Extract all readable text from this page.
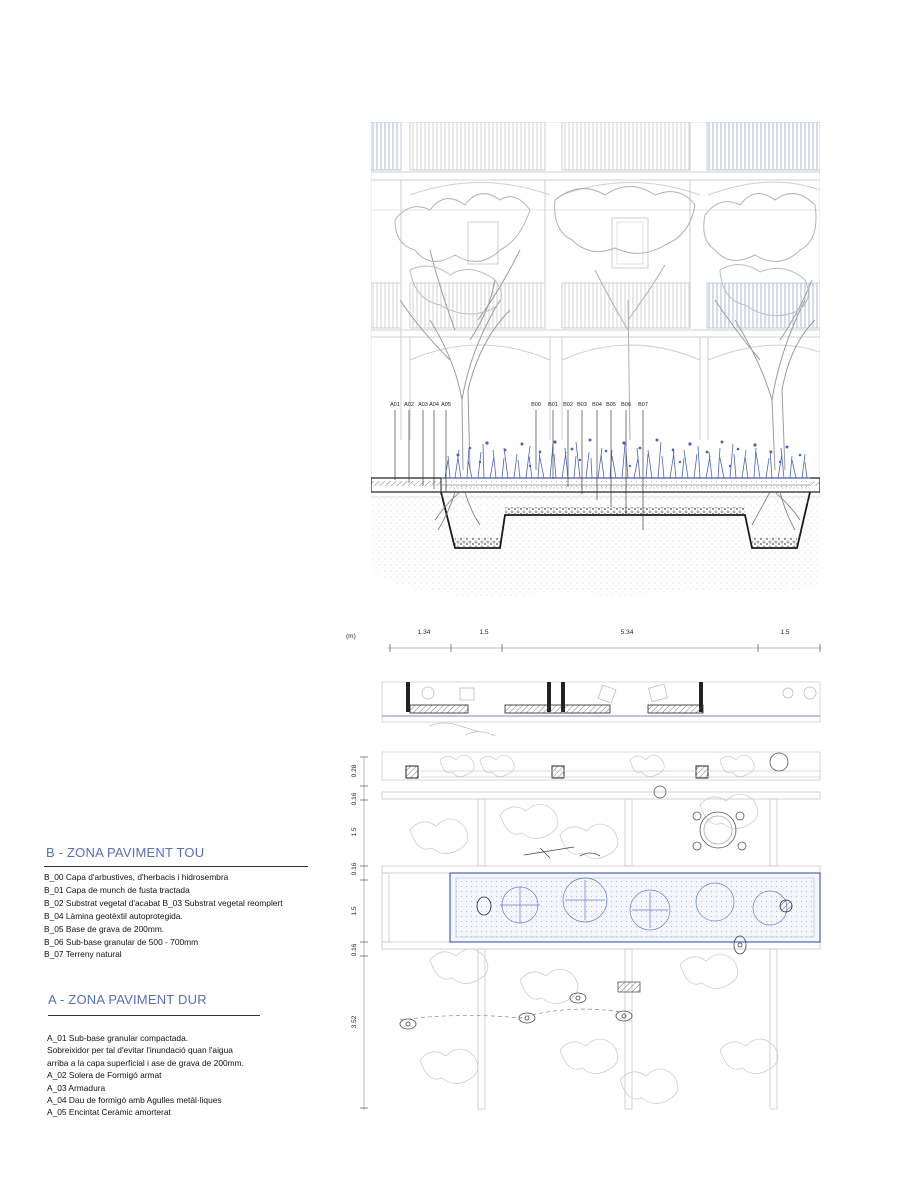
A01 A02 A03 A04 A05	B00 B01 B02 B03 B04 B05 B06 B07
(m)
1.34	1.5	5.34	1.5
0.28
0.16
1.5
0.16
1.5
0.16
3.52
B - ZONA PAVIMENT TOU
B_00 Capa d'arbustives, d'herbacis i hidrosembra
B_01 Capa de munch de fusta tractada
B_02 Substrat vegetal d'acabat B_03 Substrat vegetal reomplert
B_04 Làmina geotèxtil autoprotegida.
B_05 Base de grava de 200mm.
B_06 Sub-base granular de 500 - 700mm
B_07 Terreny natural
A - ZONA PAVIMENT DUR
A_01 Sub-base granular compactada.
Sobreixidor per tal d'evitar l'inundació quan l'aigua
arriba a la capa superficial i ase de grava de 200mm.
A_02 Solera de Formigó armat
A_03 Armadura
A_04 Dau de formigó amb Agulles metàl·liques
A_05 Encintat Ceràmic amorterat
